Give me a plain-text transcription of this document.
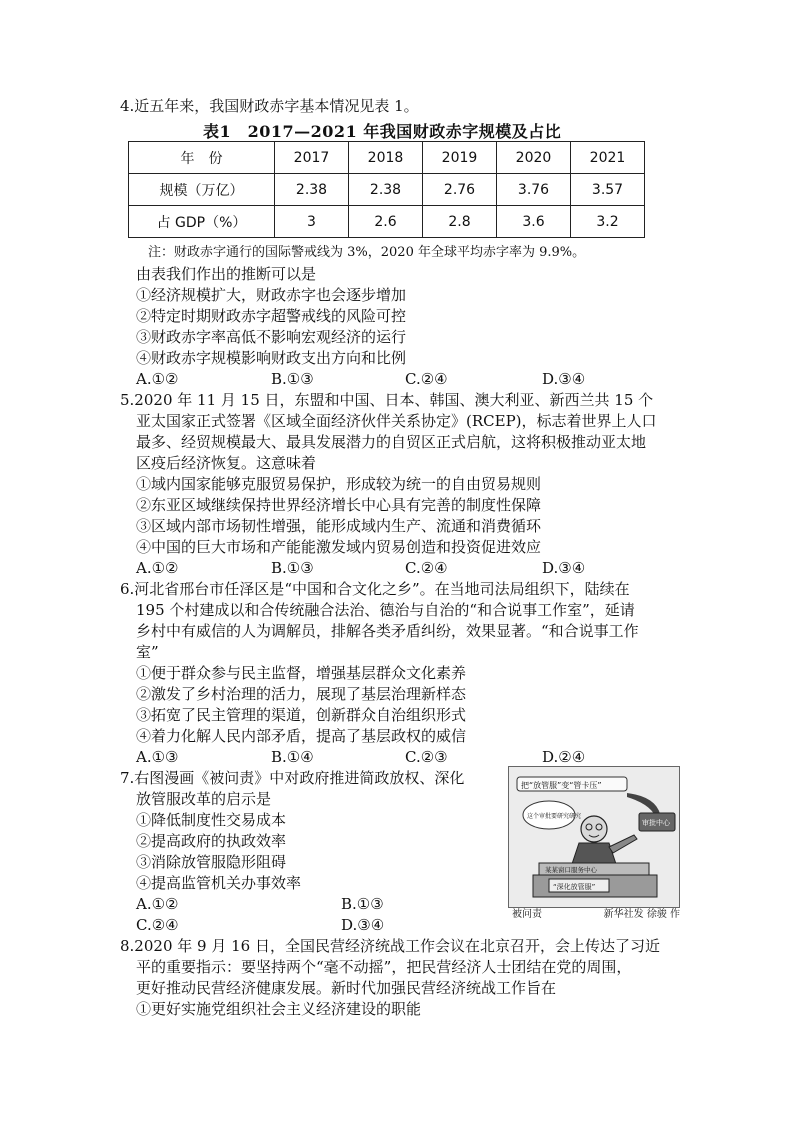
4.近五年来，我国财政赤字基本情况见表 1。
表1　2017—2021 年我国财政赤字规模及占比
年　份	2017	2018	2019	2020	2021
规模（万亿）	2.38	2.38	2.76	3.76	3.57
占 GDP（%）	3	2.6	2.8	3.6	3.2
注：财政赤字通行的国际警戒线为 3%，2020 年全球平均赤字率为 9.9%。
由表我们作出的推断可以是
①经济规模扩大，财政赤字也会逐步增加
②特定时期财政赤字超警戒线的风险可控
③财政赤字率高低不影响宏观经济的运行
④财政赤字规模影响财政支出方向和比例
A.①②	B.①③	C.②④	D.③④
5.2020 年 11 月 15 日，东盟和中国、日本、韩国、澳大利亚、新西兰共 15 个
亚太国家正式签署《区域全面经济伙伴关系协定》(RCEP)，标志着世界上人口
最多、经贸规模最大、最具发展潜力的自贸区正式启航，这将积极推动亚太地
区疫后经济恢复。这意味着
①域内国家能够克服贸易保护，形成较为统一的自由贸易规则
②东亚区域继续保持世界经济增长中心具有完善的制度性保障
③区域内部市场韧性增强，能形成域内生产、流通和消费循环
④中国的巨大市场和产能能激发域内贸易创造和投资促进效应
A.①②	B.①③	C.②④	D.③④
6.河北省邢台市任泽区是“中国和合文化之乡”。在当地司法局组织下，陆续在
195 个村建成以和合传统融合法治、德治与自治的“和合说事工作室”，延请
乡村中有威信的人为调解员，排解各类矛盾纠纷，效果显著。“和合说事工作
室”
①便于群众参与民主监督，增强基层群众文化素养
②激发了乡村治理的活力，展现了基层治理新样态
③拓宽了民主管理的渠道，创新群众自治组织形式
④着力化解人民内部矛盾，提高了基层政权的威信
A.①③	B.①④	C.②③	D.②④
7.右图漫画《被问责》中对政府推进简政放权、深化
放管服改革的启示是
①降低制度性交易成本
②提高政府的执政效率
③消除放管服隐形阻碍
④提高监管机关办事效率
A.①②	B.①③
C.②④	D.③④
把“放管服”变“管卡压”
审批中心
这个审批要研究研究
某某窗口服务中心
“深化放管服”
被问责	新华社发 徐骏 作
8.2020 年 9 月 16 日，全国民营经济统战工作会议在北京召开，会上传达了习近
平的重要指示：要坚持两个“毫不动摇”，把民营经济人士团结在党的周围，
更好推动民营经济健康发展。新时代加强民营经济统战工作旨在
①更好实施党组织社会主义经济建设的职能
